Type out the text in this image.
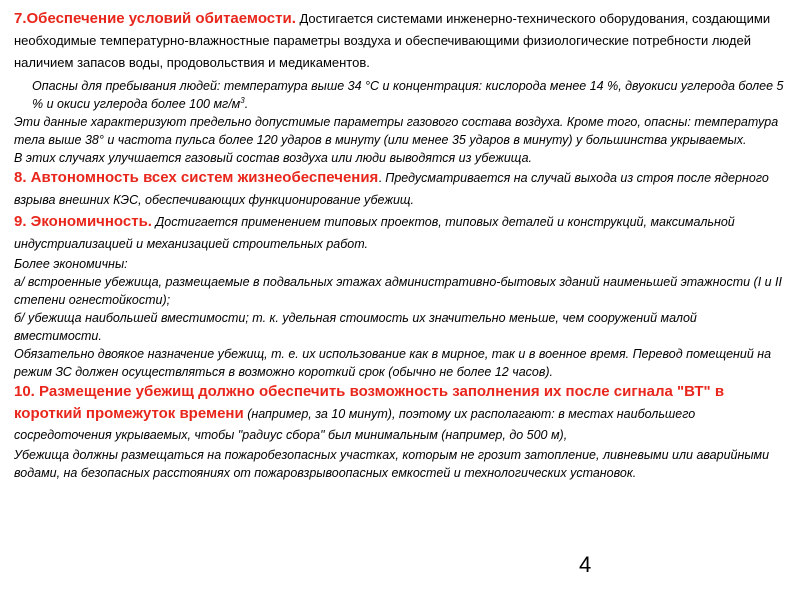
7.Обеспечение условий обитаемости. Достигается системами инженерно-технического оборудования, создающими необходимые температурно-влажностные параметры воздуха и обеспечивающими физиологические потребности людей наличием запасов воды, продовольствия и медикаментов.

Опасны для пребывания людей: температура выше 34 °С и концентрация: кислорода менее 14 %, двуокиси углерода более 5 % и окиси углерода более 100 $мг/м^3$.

Эти данные характеризуют предельно допустимые параметры газового состава воздуха. Кроме того, опасны: температура тела выше 38° и частота пульса более 120 ударов в минуту (или менее 35 ударов в минуту) у большинства укрываемых.

В этих случаях улучшается газовый состав воздуха или люди выводятся из убежища.

8. Автономность всех систем жизнеобеспечения. Предусматривается на случай выхода из строя после ядерного взрыва внешних КЭС, обеспечивающих функционирование убежищ.

9. Экономичность. Достигается применением типовых проектов, типовых деталей и конструкций, максимальной индустриализацией и механизацией строительных работ.

Более экономичны:

а/ встроенные убежища, размещаемые в подвальных этажах административно-бытовых зданий наименьшей этажности (I и II степени огнестойкости);

б/ убежища наибольшей вместимости; т. к. удельная стоимость их значительно меньше, чем сооружений малой вместимости.

Обязательно двоякое назначение убежищ, т. е. их использование как в мирное, так и в военное время. Перевод помещений на режим ЗС должен осуществляться в возможно короткий срок (обычно не более 12 часов).

10. Размещение убежищ должно обеспечить возможность заполнения их после сигнала "ВТ" в короткий промежуток времени (например, за 10 минут), поэтому их располагают: в местах наибольшего сосредоточения укрываемых, чтобы "радиус сбора" был минимальным (например, до 500 м),

Убежища должны размещаться на пожаробезопасных участках, которым не грозит затопление, ливневыми или аварийными водами, на безопасных расстояниях от пожаровзрывоопасных емкостей и технологических установок.

4
